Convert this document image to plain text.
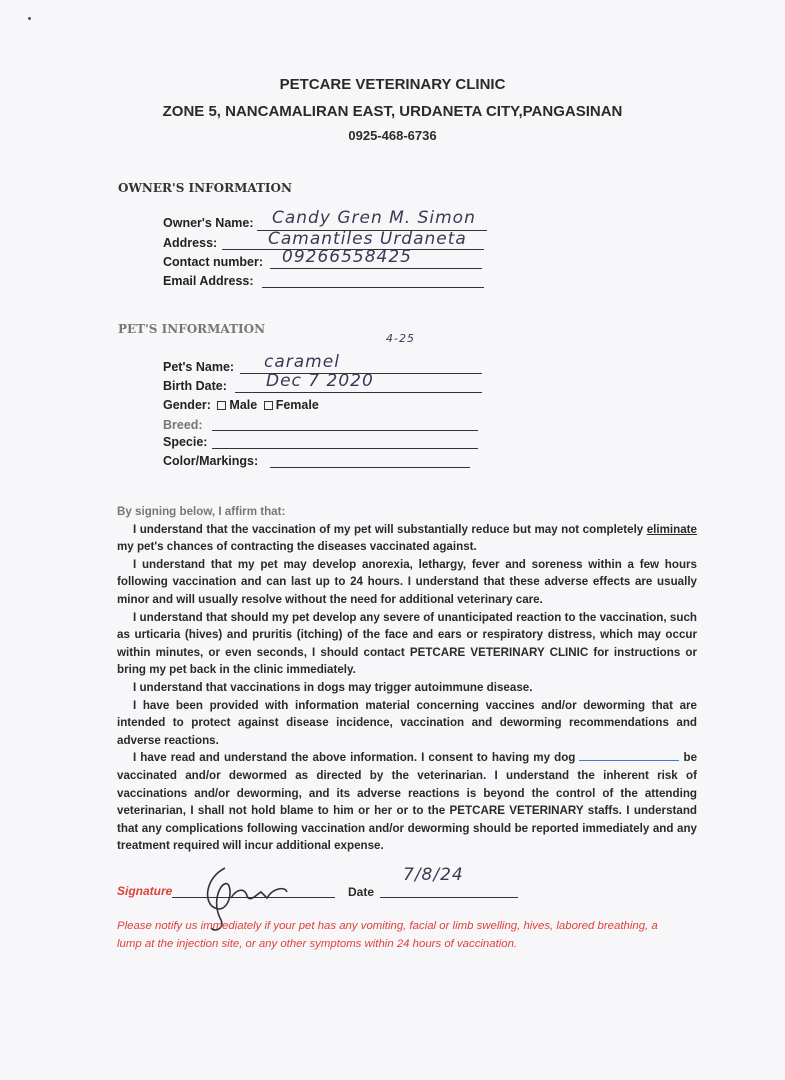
PETCARE VETERINARY CLINIC
ZONE 5, NANCAMALIRAN EAST, URDANETA CITY,PANGASINAN
0925-468-6736
OWNER'S INFORMATION
Owner's Name: Candy Gren M. Simon
Address:	Camantiles Urdaneta
Contact number: 09266558425
Email Address:
PET'S INFORMATION
4-25
Pet's Name: caramel
Birth Date: Dec 7 2020
Gender: Male Female
Breed:
Specie:
Color/Markings:

By signing below, I affirm that:

I understand that the vaccination of my pet will substantially reduce but may not completely eliminate my pet's chances of contracting the diseases vaccinated against.

I understand that my pet may develop anorexia, lethargy, fever and soreness within a few hours following vaccination and can last up to 24 hours. I understand that these adverse effects are usually minor and will usually resolve without the need for additional veterinary care.

I understand that should my pet develop any severe of unanticipated reaction to the vaccination, such as urticaria (hives) and pruritis (itching) of the face and ears or respiratory distress, which may occur within minutes, or even seconds, I should contact PETCARE VETERINARY CLINIC for instructions or bring my pet back in the clinic immediately.

I understand that vaccinations in dogs may trigger autoimmune disease.

I have been provided with information material concerning vaccines and/or deworming that are intended to protect against disease incidence, vaccination and deworming recommendations and adverse reactions.

I have read and understand the above information. I consent to having my dog	be vaccinated and/or dewormed as directed by the veterinarian. I understand the inherent risk of vaccinations and/or deworming, and its adverse reactions is beyond the control of the attending veterinarian, I shall not hold blame to him or her or to the PETCARE VETERINARY staffs. I understand that any complications following vaccination and/or deworming should be reported immediately and any treatment required will incur additional expense.

Signature	Date
7/8/24
Please notify us immediately if your pet has any vomiting, facial or limb swelling, hives, labored breathing, a lump at the injection site, or any other symptoms within 24 hours of vaccination.
